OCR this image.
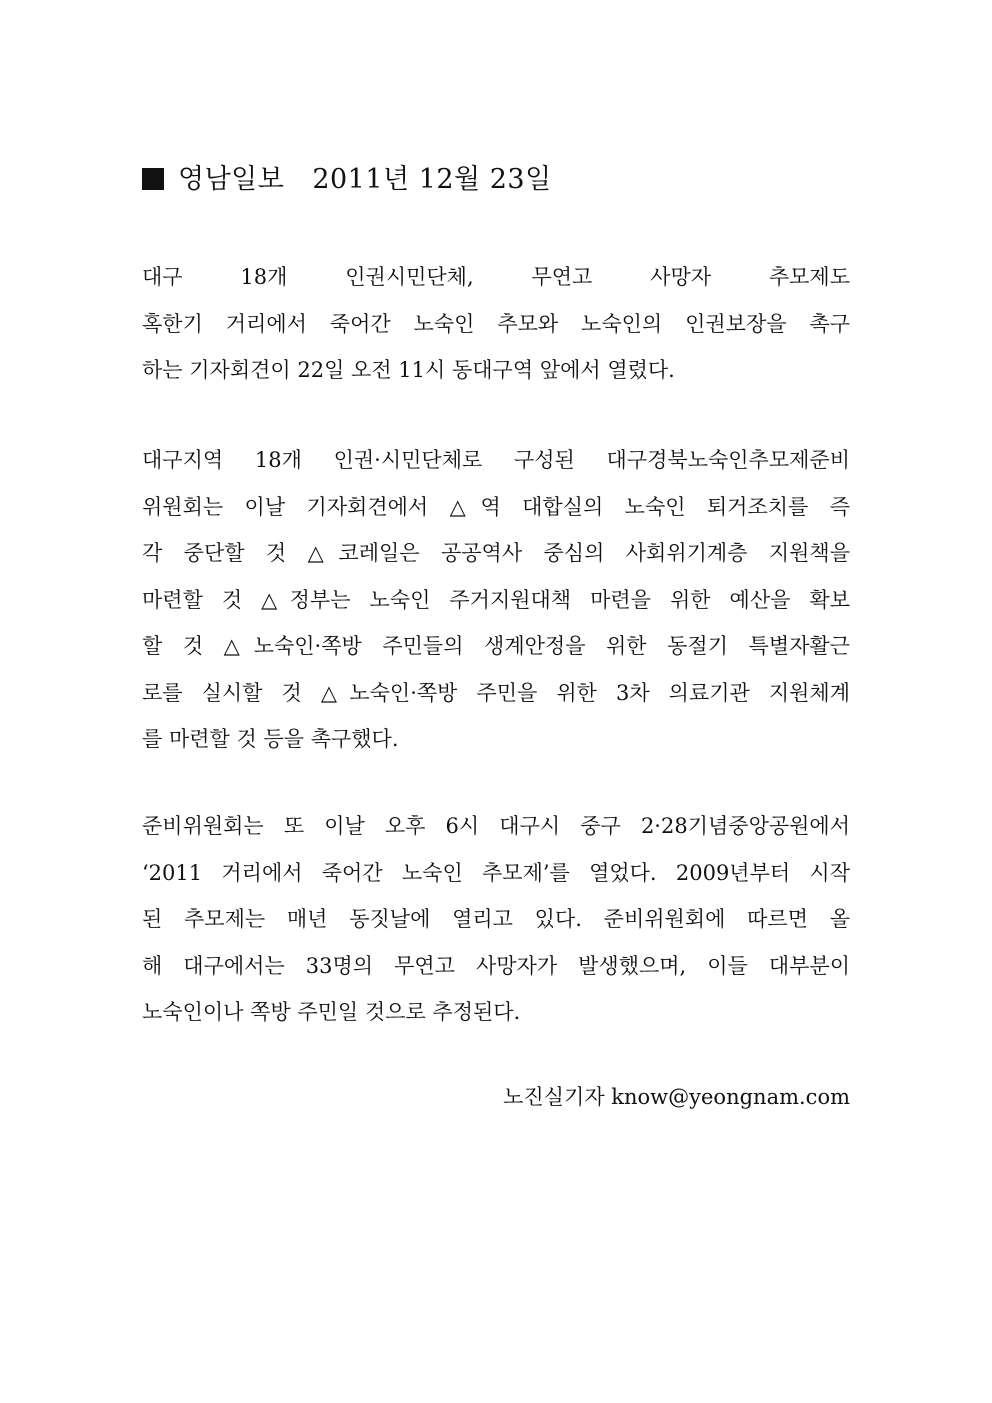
영남일보 2011년 12월 23일
대구 18개 인권시민단체, 무연고 사망자 추모제도
혹한기 거리에서 죽어간 노숙인 추모와 노숙인의 인권보장을 촉구
하는 기자회견이 22일 오전 11시 동대구역 앞에서 열렸다.
대구지역 18개 인권·시민단체로 구성된 대구경북노숙인추모제준비
위원회는 이날 기자회견에서 △역 대합실의 노숙인 퇴거조치를 즉
각 중단할 것 △코레일은 공공역사 중심의 사회위기계층 지원책을
마련할 것 △정부는 노숙인 주거지원대책 마련을 위한 예산을 확보
할 것 △노숙인·쪽방 주민들의 생계안정을 위한 동절기 특별자활근
로를 실시할 것 △노숙인·쪽방 주민을 위한 3차 의료기관 지원체계
를 마련할 것 등을 촉구했다.
준비위원회는 또 이날 오후 6시 대구시 중구 2·28기념중앙공원에서
‘2011 거리에서 죽어간 노숙인 추모제’를 열었다. 2009년부터 시작
된 추모제는 매년 동짓날에 열리고 있다. 준비위원회에 따르면 올
해 대구에서는 33명의 무연고 사망자가 발생했으며, 이들 대부분이
노숙인이나 쪽방 주민일 것으로 추정된다.
노진실기자 know@yeongnam.com
